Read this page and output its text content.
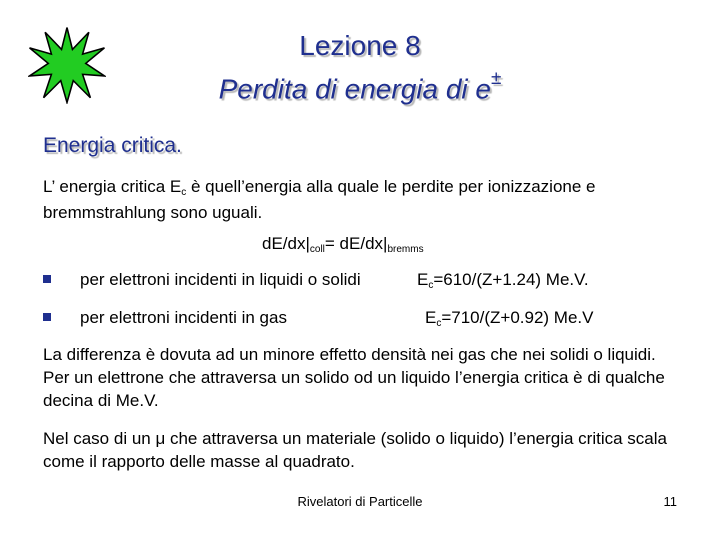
Lezione 8
Perdita di energia di e±
Energia critica.
L’ energia critica Ec è quell’energia alla quale le perdite per ionizzazione e bremmstrahlung sono uguali.
dE/dx|coll= dE/dx|bremms
per elettroni incidenti in liquidi o solidi	Ec=610/(Z+1.24) Me.V.
per elettroni incidenti in gas	Ec=710/(Z+0.92) Me.V
La differenza è dovuta ad un minore effetto densità nei gas che nei solidi o liquidi. Per un elettrone che attraversa un solido od un liquido l’energia critica è di qualche decina di Me.V.
Nel caso di un μ che attraversa un materiale (solido o liquido) l’energia critica scala come il rapporto delle masse al quadrato.
Rivelatori di Particelle	11
